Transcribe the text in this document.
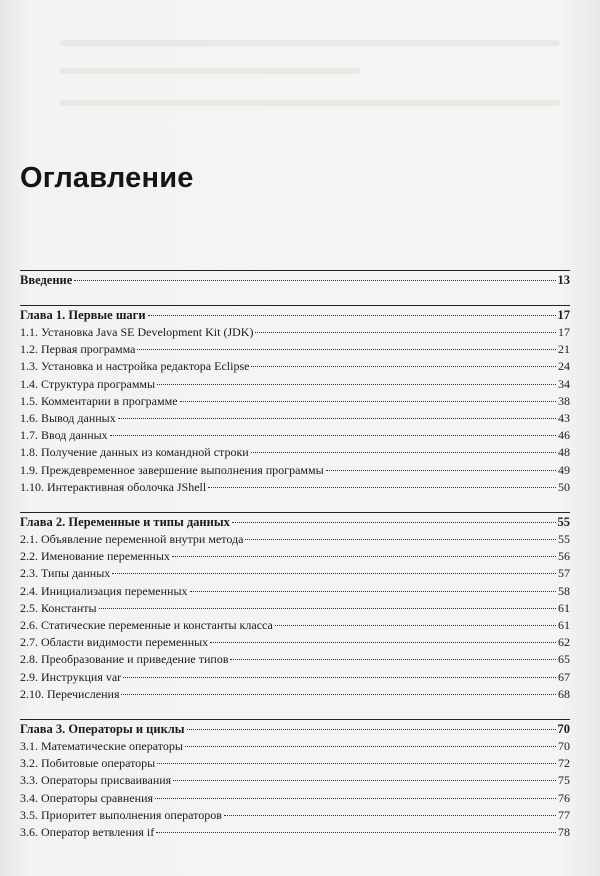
Оглавление
Введение	13
Глава 1. Первые шаги	17
1.1. Установка Java SE Development Kit (JDK)	17
1.2. Первая программа	21
1.3. Установка и настройка редактора Eclipse	24
1.4. Структура программы	34
1.5. Комментарии в программе	38
1.6. Вывод данных	43
1.7. Ввод данных	46
1.8. Получение данных из командной строки	48
1.9. Преждевременное завершение выполнения программы	49
1.10. Интерактивная оболочка JShell	50
Глава 2. Переменные и типы данных	55
2.1. Объявление переменной внутри метода	55
2.2. Именование переменных	56
2.3. Типы данных	57
2.4. Инициализация переменных	58
2.5. Константы	61
2.6. Статические переменные и константы класса	61
2.7. Области видимости переменных	62
2.8. Преобразование и приведение типов	65
2.9. Инструкция var	67
2.10. Перечисления	68
Глава 3. Операторы и циклы	70
3.1. Математические операторы	70
3.2. Побитовые операторы	72
3.3. Операторы присваивания	75
3.4. Операторы сравнения	76
3.5. Приоритет выполнения операторов	77
3.6. Оператор ветвления if	78
